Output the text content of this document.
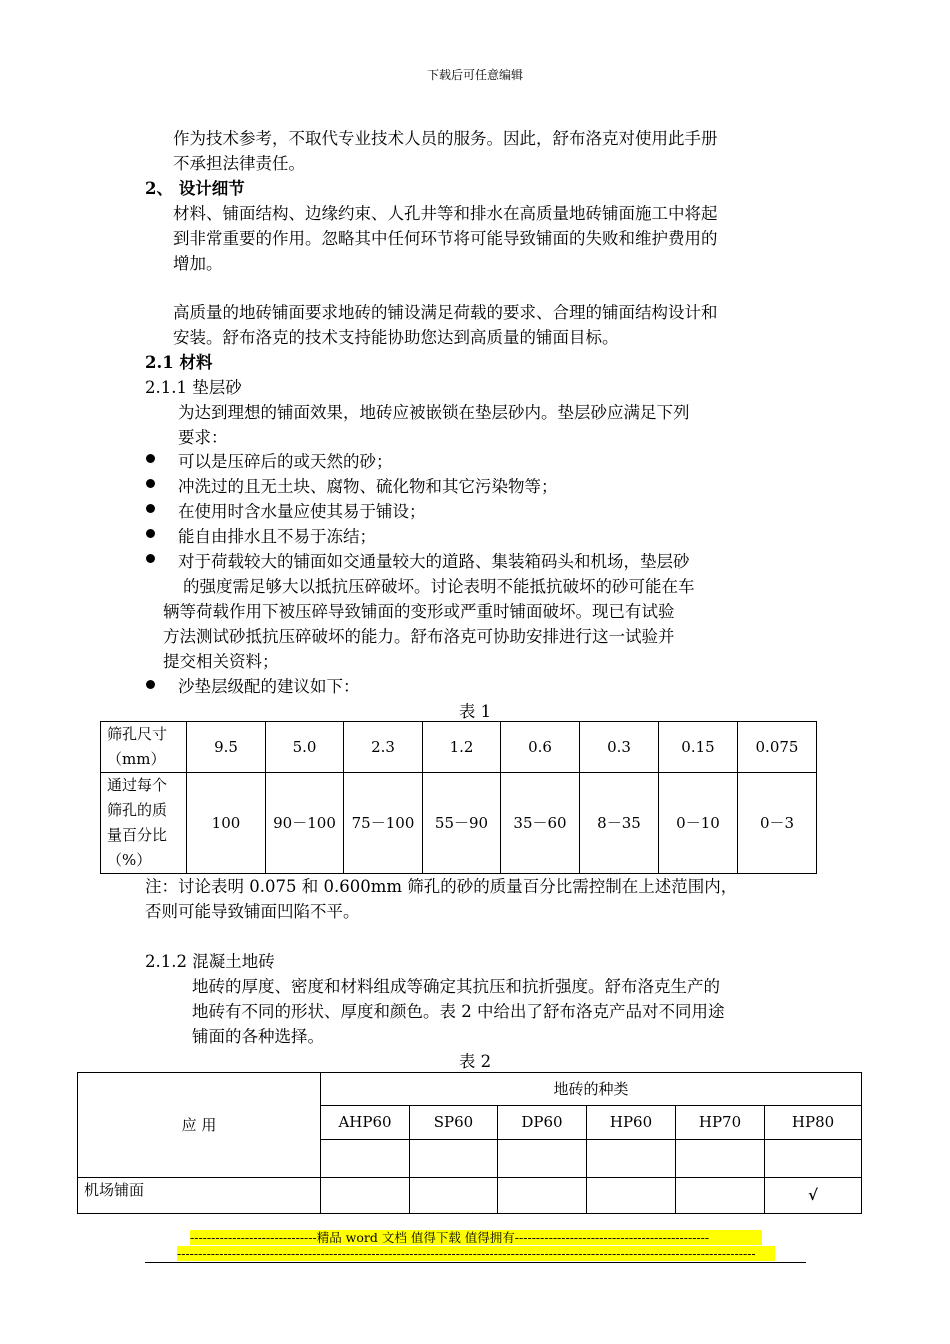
下载后可任意编辑
作为技术参考，不取代专业技术人员的服务。因此，舒布洛克对使用此手册
不承担法律责任。
2、 设计细节
材料、铺面结构、边缘约束、人孔井等和排水在高质量地砖铺面施工中将起
到非常重要的作用。忽略其中任何环节将可能导致铺面的失败和维护费用的
增加。
高质量的地砖铺面要求地砖的铺设满足荷载的要求、合理的铺面结构设计和
安装。舒布洛克的技术支持能协助您达到高质量的铺面目标。
2.1 材料
2.1.1 垫层砂
为达到理想的铺面效果，地砖应被嵌锁在垫层砂内。垫层砂应满足下列
要求：
可以是压碎后的或天然的砂；
冲洗过的且无土块、腐物、硫化物和其它污染物等；
在使用时含水量应使其易于铺设；
能自由排水且不易于冻结；
对于荷载较大的铺面如交通量较大的道路、集装箱码头和机场，垫层砂
的强度需足够大以抵抗压碎破坏。讨论表明不能抵抗破坏的砂可能在车
辆等荷载作用下被压碎导致铺面的变形或严重时铺面破坏。现已有试验
方法测试砂抵抗压碎破坏的能力。舒布洛克可协助安排进行这一试验并
提交相关资料；
沙垫层级配的建议如下：
表 1
筛孔尺寸（mm）	9.5	5.0	2.3	1.2	0.6	0.3	0.15	0.075
通过每个筛孔的质量百分比（%）	100	90－100	75－100	55－90	35－60	8－35	0－10	0－3
注：讨论表明 0.075 和 0.600mm 筛孔的砂的质量百分比需控制在上述范围内，
否则可能导致铺面凹陷不平。
2.1.2 混凝土地砖
地砖的厚度、密度和材料组成等确定其抗压和抗折强度。舒布洛克生产的
地砖有不同的形状、厚度和颜色。表 2 中给出了舒布洛克产品对不同用途
铺面的各种选择。
表 2
应 用	地砖的种类					
	AHP60	SP60	DP60	HP60	HP70	HP80

机场铺面						√
------------------------------精品 word 文档 值得下载 值得拥有----------------------------------------------
-----------------------------------------------------------------------------------------------------------------------------------------
